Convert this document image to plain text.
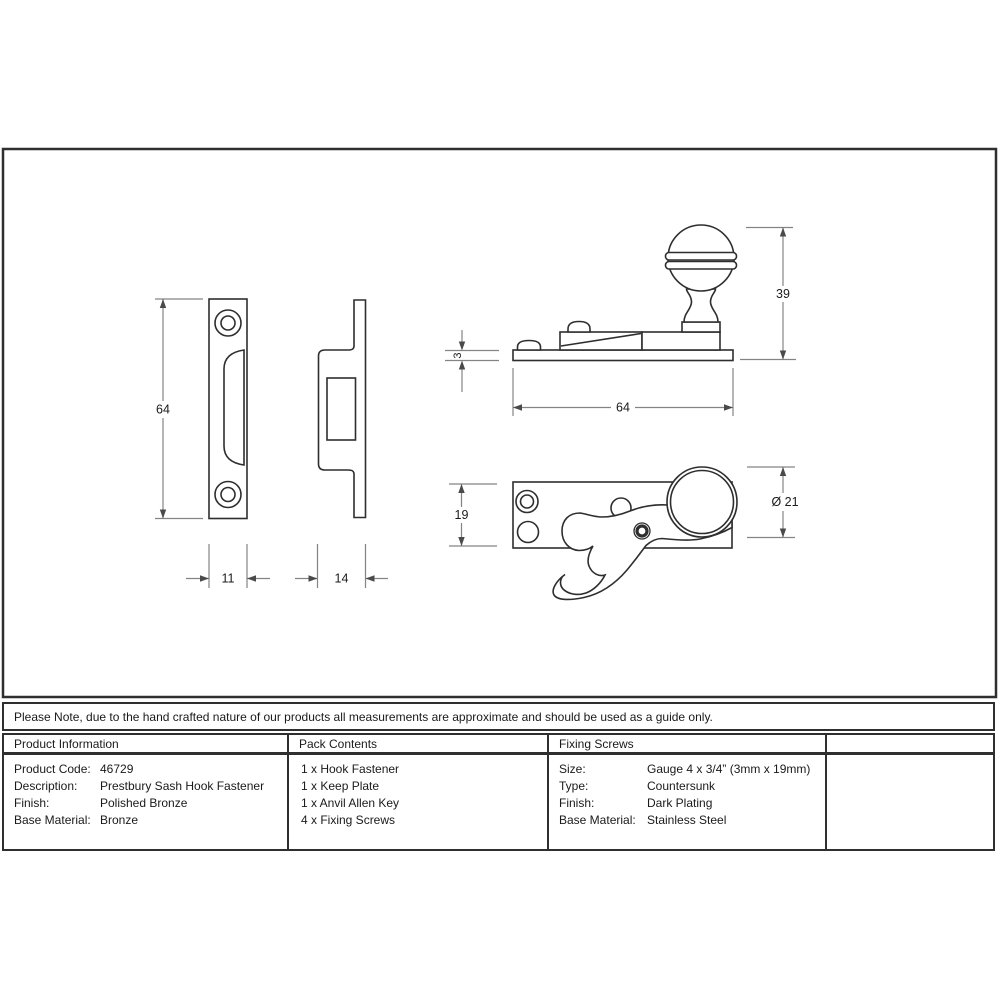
64
11	14
39
3
64
19
Ø 21
Please Note, due to the hand crafted nature of our products all measurements are approximate and should be used as a guide only.
Product Information
Product Code: 46729
Description:	Prestbury Sash Hook Fastener
Finish:	Polished Bronze
Base Material: Bronze
Pack Contents
1 x Hook Fastener
1 x Keep Plate
1 x Anvil Allen Key
4 x Fixing Screws
Fixing Screws
Size:	Gauge 4 x 3/4” (3mm x 19mm)
Type:	Countersunk
Finish:	Dark Plating
Base Material: Stainless Steel
